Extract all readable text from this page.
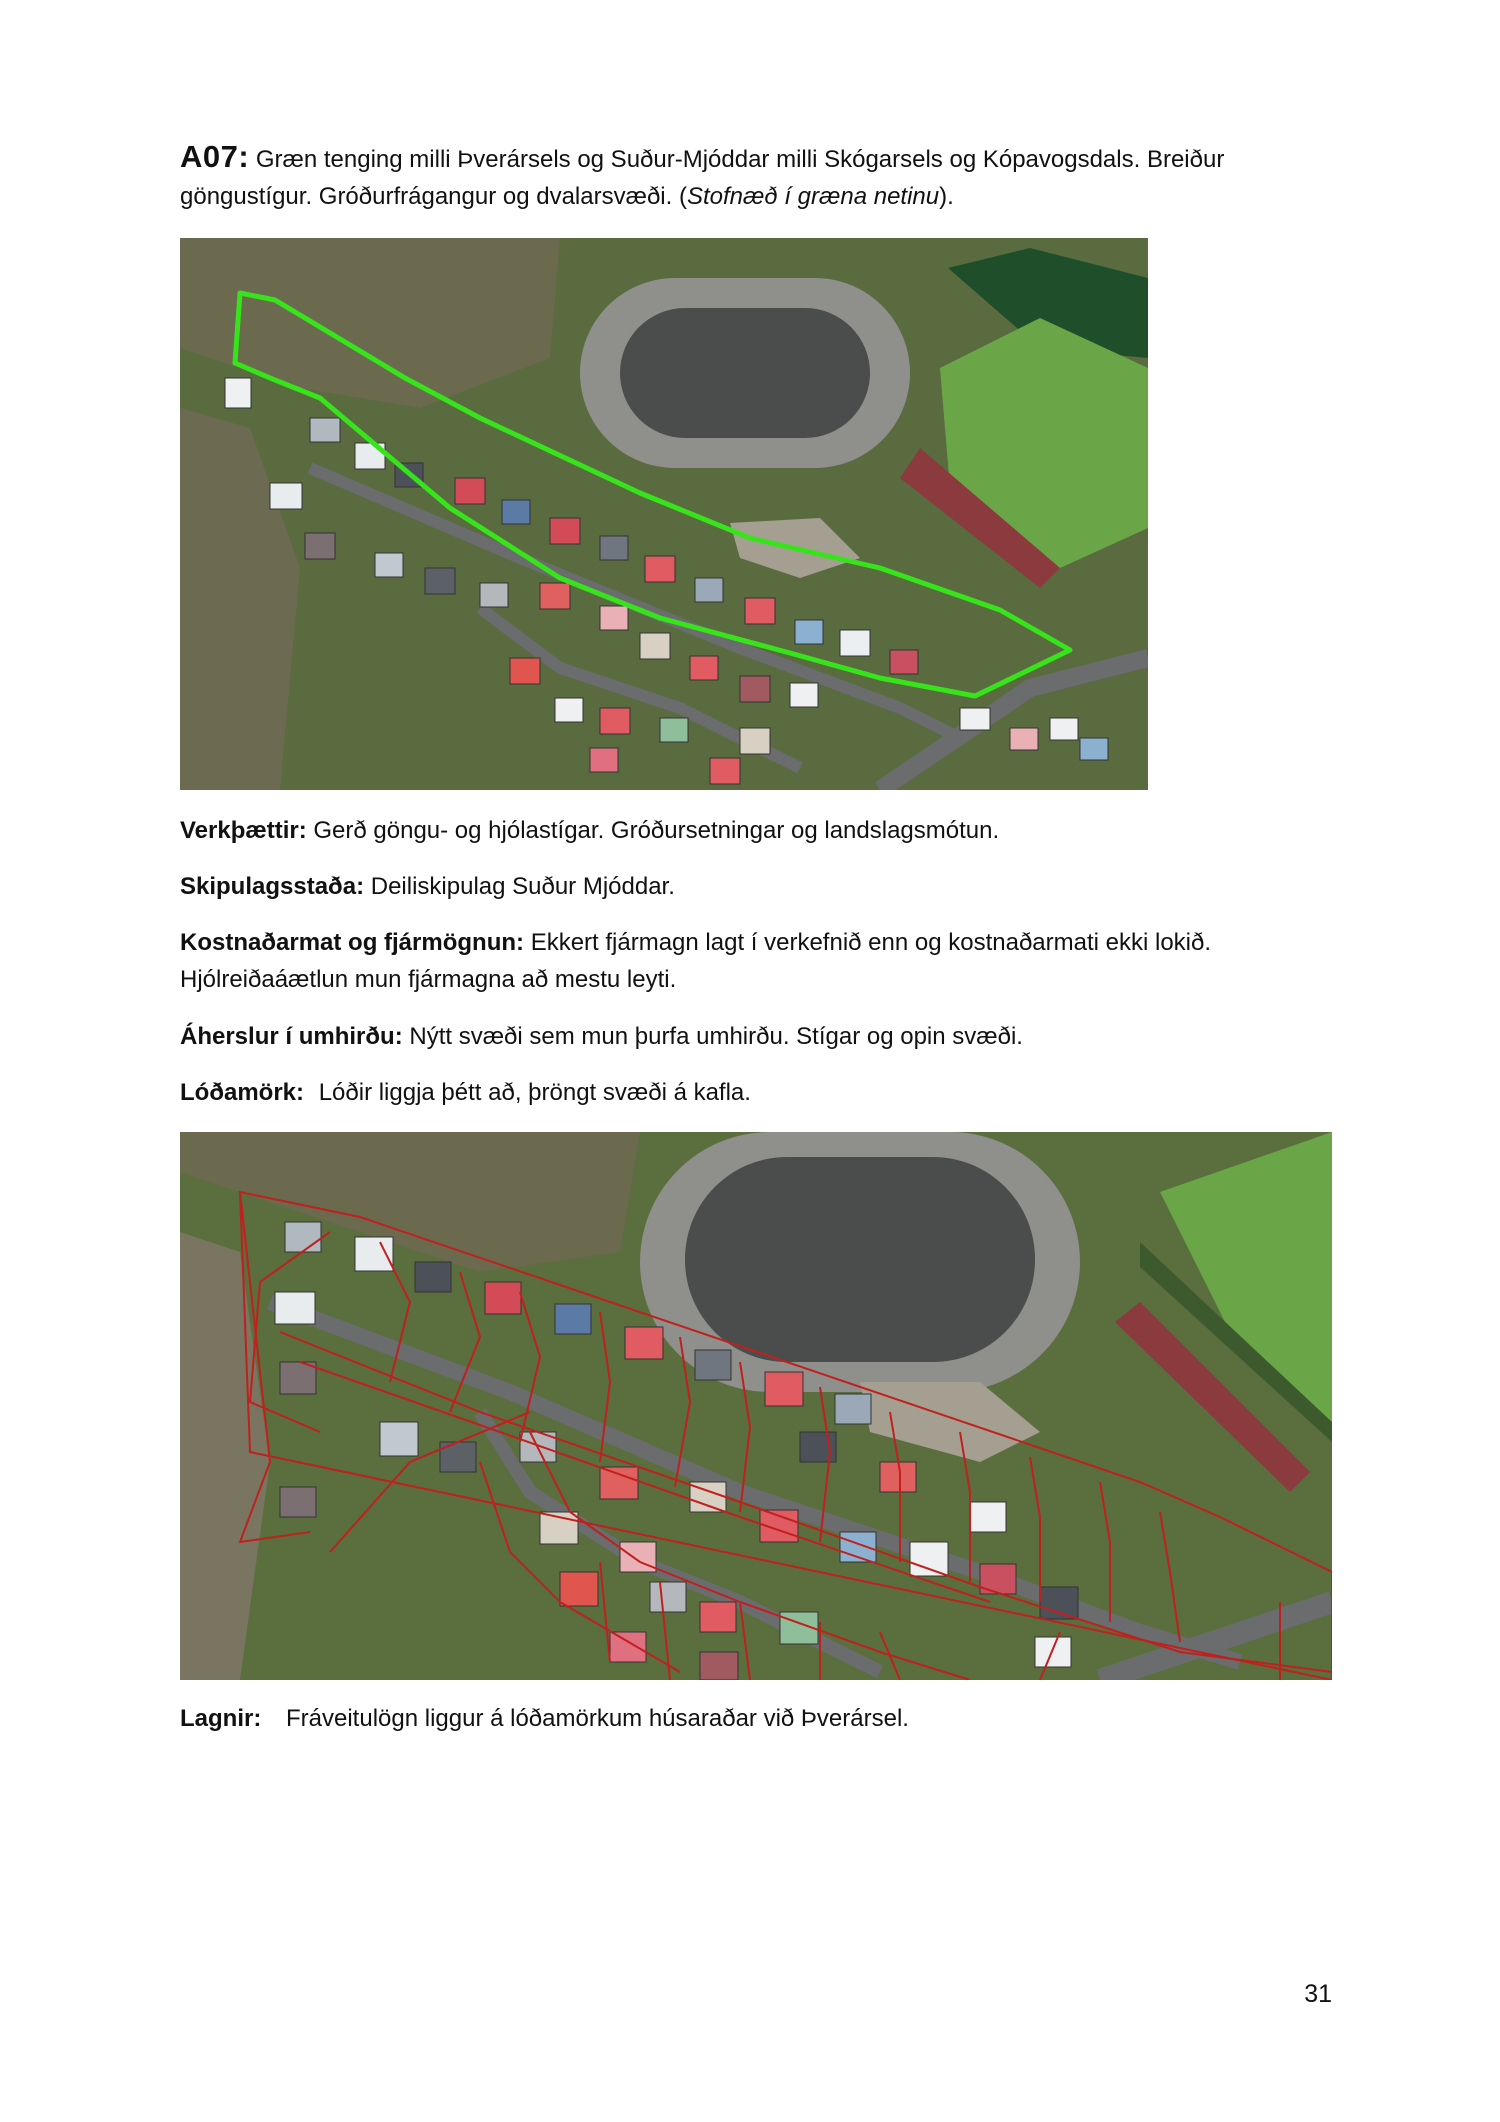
A07: Græn tenging milli Þverársels og Suður-Mjóddar milli Skógarsels og Kópavogsdals. Breiður
göngustígur. Gróðurfrágangur og dvalarsvæði. (Stofnæð í græna netinu).
Verkþættir: Gerð göngu- og hjólastígar. Gróðursetningar og landslagsmótun.
Skipulagsstaða: Deiliskipulag Suður Mjóddar.
Kostnaðarmat og fjármögnun: Ekkert fjármagn lagt í verkefnið enn og kostnaðarmati ekki lokið.
Hjólreiðaáætlun mun fjármagna að mestu leyti.
Áherslur í umhirðu: Nýtt svæði sem mun þurfa umhirðu. Stígar og opin svæði.
Lóðamörk: Lóðir liggja þétt að, þröngt svæði á kafla.
Lagnir: Fráveitulögn liggur á lóðamörkum húsaraðar við Þverársel.
31
